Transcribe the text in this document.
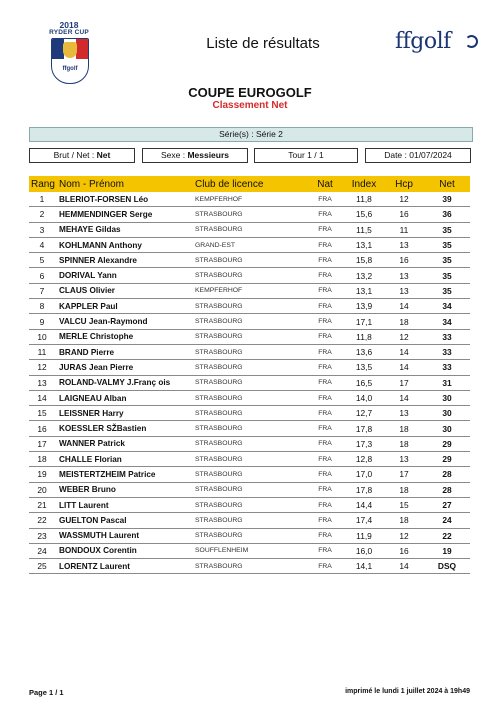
2018
RYDER CUP
ffgolf
Liste de résultats	ffgolf
COUPE EUROGOLF
Classement Net
Série(s) : Série 2
Brut / Net : Net	Sexe : Messieurs	Tour 1 / 1	Date : 01/07/2024
Rang	Nom - Prénom	Club de licence	Nat	Index	Hcp	Net
1	BLERIOT-FORSEN Léo	KEMPFERHOF	FRA	11,8	12	39
2	HEMMENDINGER Serge	STRASBOURG	FRA	15,6	16	36
3	MEHAYE Gildas	STRASBOURG	FRA	11,5	11	35
4	KOHLMANN Anthony	GRAND-EST	FRA	13,1	13	35
5	SPINNER Alexandre	STRASBOURG	FRA	15,8	16	35
6	DORIVAL Yann	STRASBOURG	FRA	13,2	13	35
7	CLAUS Olivier	KEMPFERHOF	FRA	13,1	13	35
8	KAPPLER Paul	STRASBOURG	FRA	13,9	14	34
9	VALCU Jean-Raymond	STRASBOURG	FRA	17,1	18	34
10	MERLE Christophe	STRASBOURG	FRA	11,8	12	33
11	BRAND Pierre	STRASBOURG	FRA	13,6	14	33
12	JURAS Jean Pierre	STRASBOURG	FRA	13,5	14	33
13	ROLAND-VALMY J.Franç ois	STRASBOURG	FRA	16,5	17	31
14	LAIGNEAU Alban	STRASBOURG	FRA	14,0	14	30
15	LEISSNER Harry	STRASBOURG	FRA	12,7	13	30
16	KOESSLER SŽBastien	STRASBOURG	FRA	17,8	18	30
17	WANNER Patrick	STRASBOURG	FRA	17,3	18	29
18	CHALLE Florian	STRASBOURG	FRA	12,8	13	29
19	MEISTERTZHEIM Patrice	STRASBOURG	FRA	17,0	17	28
20	WEBER Bruno	STRASBOURG	FRA	17,8	18	28
21	LITT Laurent	STRASBOURG	FRA	14,4	15	27
22	GUELTON Pascal	STRASBOURG	FRA	17,4	18	24
23	WASSMUTH Laurent	STRASBOURG	FRA	11,9	12	22
24	BONDOUX Corentin	SOUFFLENHEIM	FRA	16,0	16	19
25	LORENTZ Laurent	STRASBOURG	FRA	14,1	14	DSQ
Page 1 / 1	imprimé le lundi 1 juillet 2024 à 19h49
